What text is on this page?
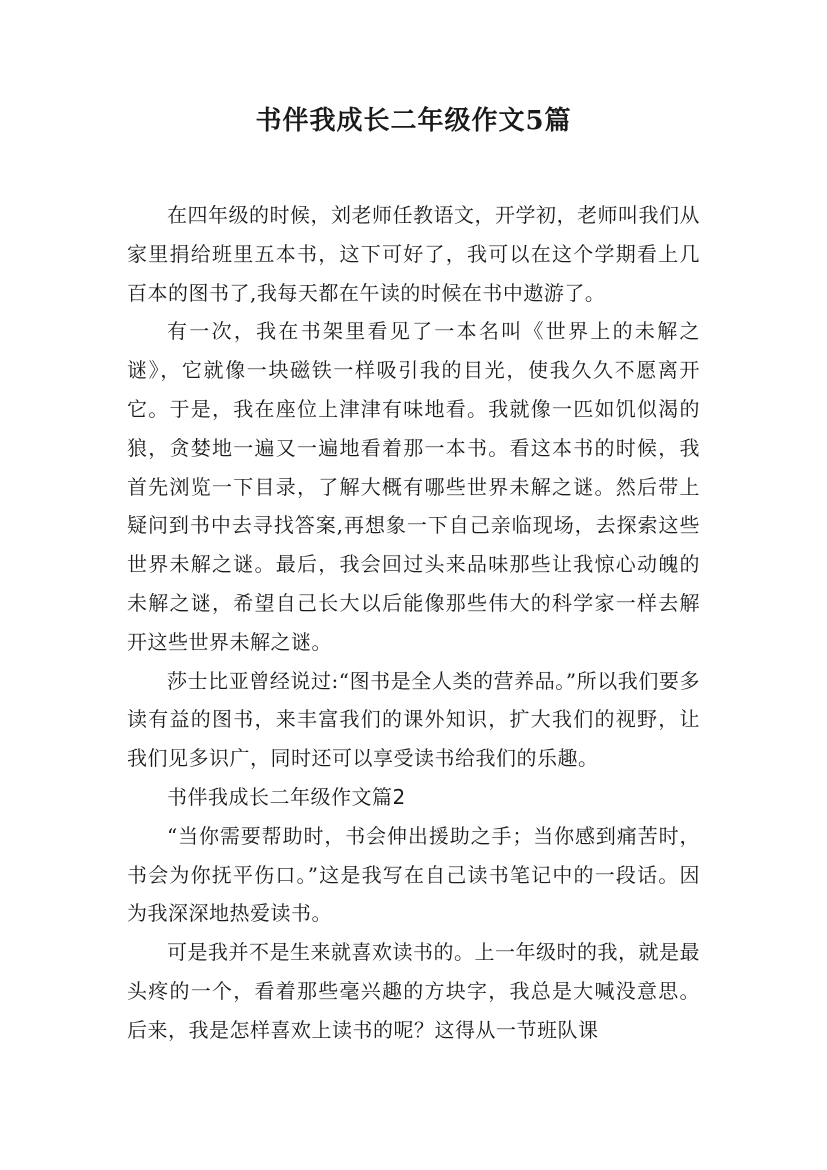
书伴我成长二年级作文5篇

在四年级的时候，刘老师任教语文，开学初，老师叫我们从家里捐给班里五本书，这下可好了，我可以在这个学期看上几百本的图书了,我每天都在午读的时候在书中遨游了。

有一次，我在书架里看见了一本名叫《世界上的未解之谜》，它就像一块磁铁一样吸引我的目光，使我久久不愿离开它。于是，我在座位上津津有味地看。我就像一匹如饥似渴的狼，贪婪地一遍又一遍地看着那一本书。看这本书的时候，我首先浏览一下目录，了解大概有哪些世界未解之谜。然后带上疑问到书中去寻找答案,再想象一下自己亲临现场，去探索这些世界未解之谜。最后，我会回过头来品味那些让我惊心动魄的未解之谜，希望自己长大以后能像那些伟大的科学家一样去解开这些世界未解之谜。

莎士比亚曾经说过:“图书是全人类的营养品。”所以我们要多读有益的图书，来丰富我们的课外知识，扩大我们的视野，让我们见多识广，同时还可以享受读书给我们的乐趣。

书伴我成长二年级作文篇2

“当你需要帮助时，书会伸出援助之手；当你感到痛苦时，书会为你抚平伤口。”这是我写在自己读书笔记中的一段话。因为我深深地热爱读书。

可是我并不是生来就喜欢读书的。上一年级时的我，就是最头疼的一个，看着那些毫兴趣的方块字，我总是大喊没意思。后来，我是怎样喜欢上读书的呢？这得从一节班队课
